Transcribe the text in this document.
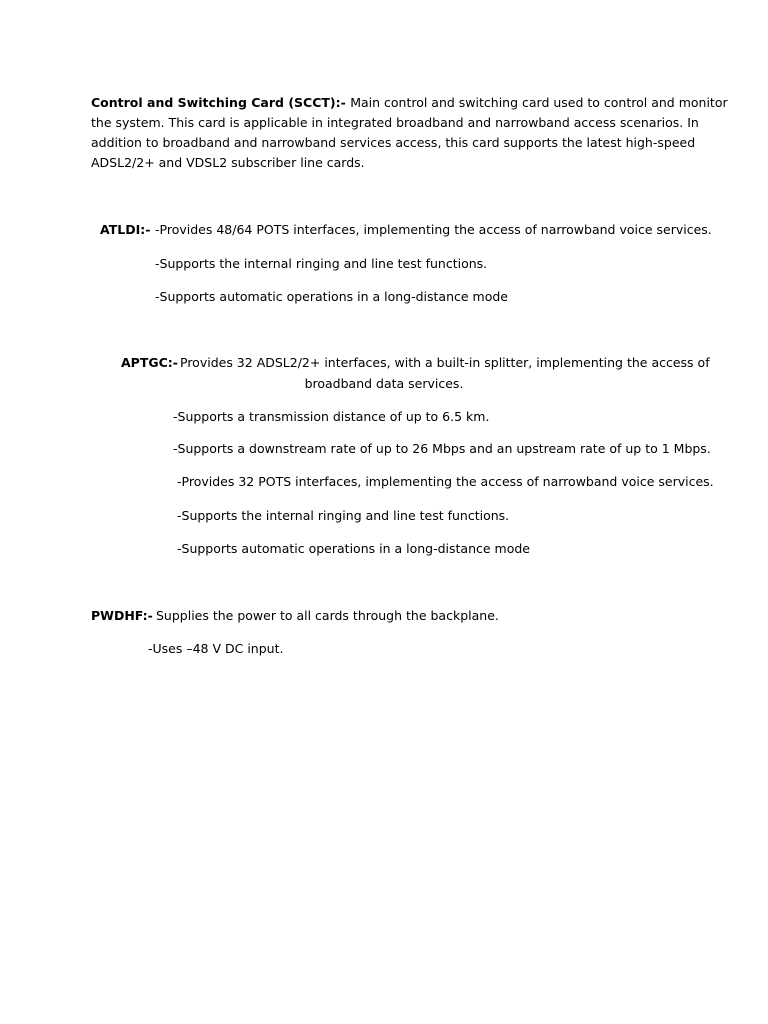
Control and Switching Card (SCCT):- Main control and switching card used to control and monitor
the system. This card is applicable in integrated broadband and narrowband access scenarios. In
addition to broadband and narrowband services access, this card supports the latest high-speed
ADSL2/2+ and VDSL2 subscriber line cards.
ATLDI:- -Provides 48/64 POTS interfaces, implementing the access of narrowband voice services.
-Supports the internal ringing and line test functions.
-Supports automatic operations in a long-distance mode
APTGC:- Provides 32 ADSL2/2+ interfaces, with a built-in splitter, implementing the access of
broadband data services.
-Supports a transmission distance of up to 6.5 km.
-Supports a downstream rate of up to 26 Mbps and an upstream rate of up to 1 Mbps.
-Provides 32 POTS interfaces, implementing the access of narrowband voice services.
-Supports the internal ringing and line test functions.
-Supports automatic operations in a long-distance mode
PWDHF:- Supplies the power to all cards through the backplane.
-Uses –48 V DC input.
